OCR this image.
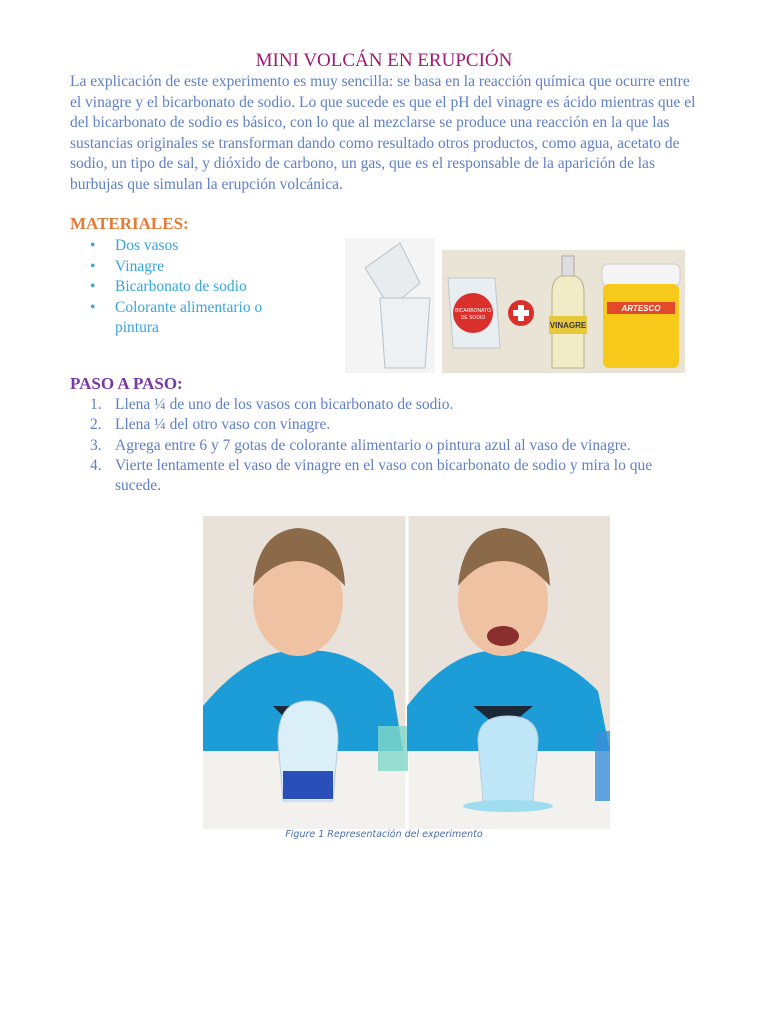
MINI VOLCÁN EN ERUPCIÓN

La explicación de este experimento es muy sencilla: se basa en la reacción química que ocurre entre el vinagre y el bicarbonato de sodio. Lo que sucede es que el pH del vinagre es ácido mientras que el del bicarbonato de sodio es básico, con lo que al mezclarse se produce una reacción en la que las sustancias originales se transforman dando como resultado otros productos, como agua, acetato de sodio, un tipo de sal, y dióxido de carbono, un gas, que es el responsable de la aparición de las burbujas que simulan la erupción volcánica.

MATERIALES:
• Dos vasos
• Vinagre
• Bicarbonato de sodio
• Colorante alimentario o pintura
BICARBONATO
DE SODIO
VINAGRE
ARTESCO
PASO A PASO:
1. Llena ¼ de uno de los vasos con bicarbonato de sodio.
2. Llena ¼ del otro vaso con vinagre.
3. Agrega entre 6 y 7 gotas de colorante alimentario o pintura azul al vaso de vinagre.
4. Vierte lentamente el vaso de vinagre en el vaso con bicarbonato de sodio y mira lo que sucede.
Figure 1 Representación del experimento
